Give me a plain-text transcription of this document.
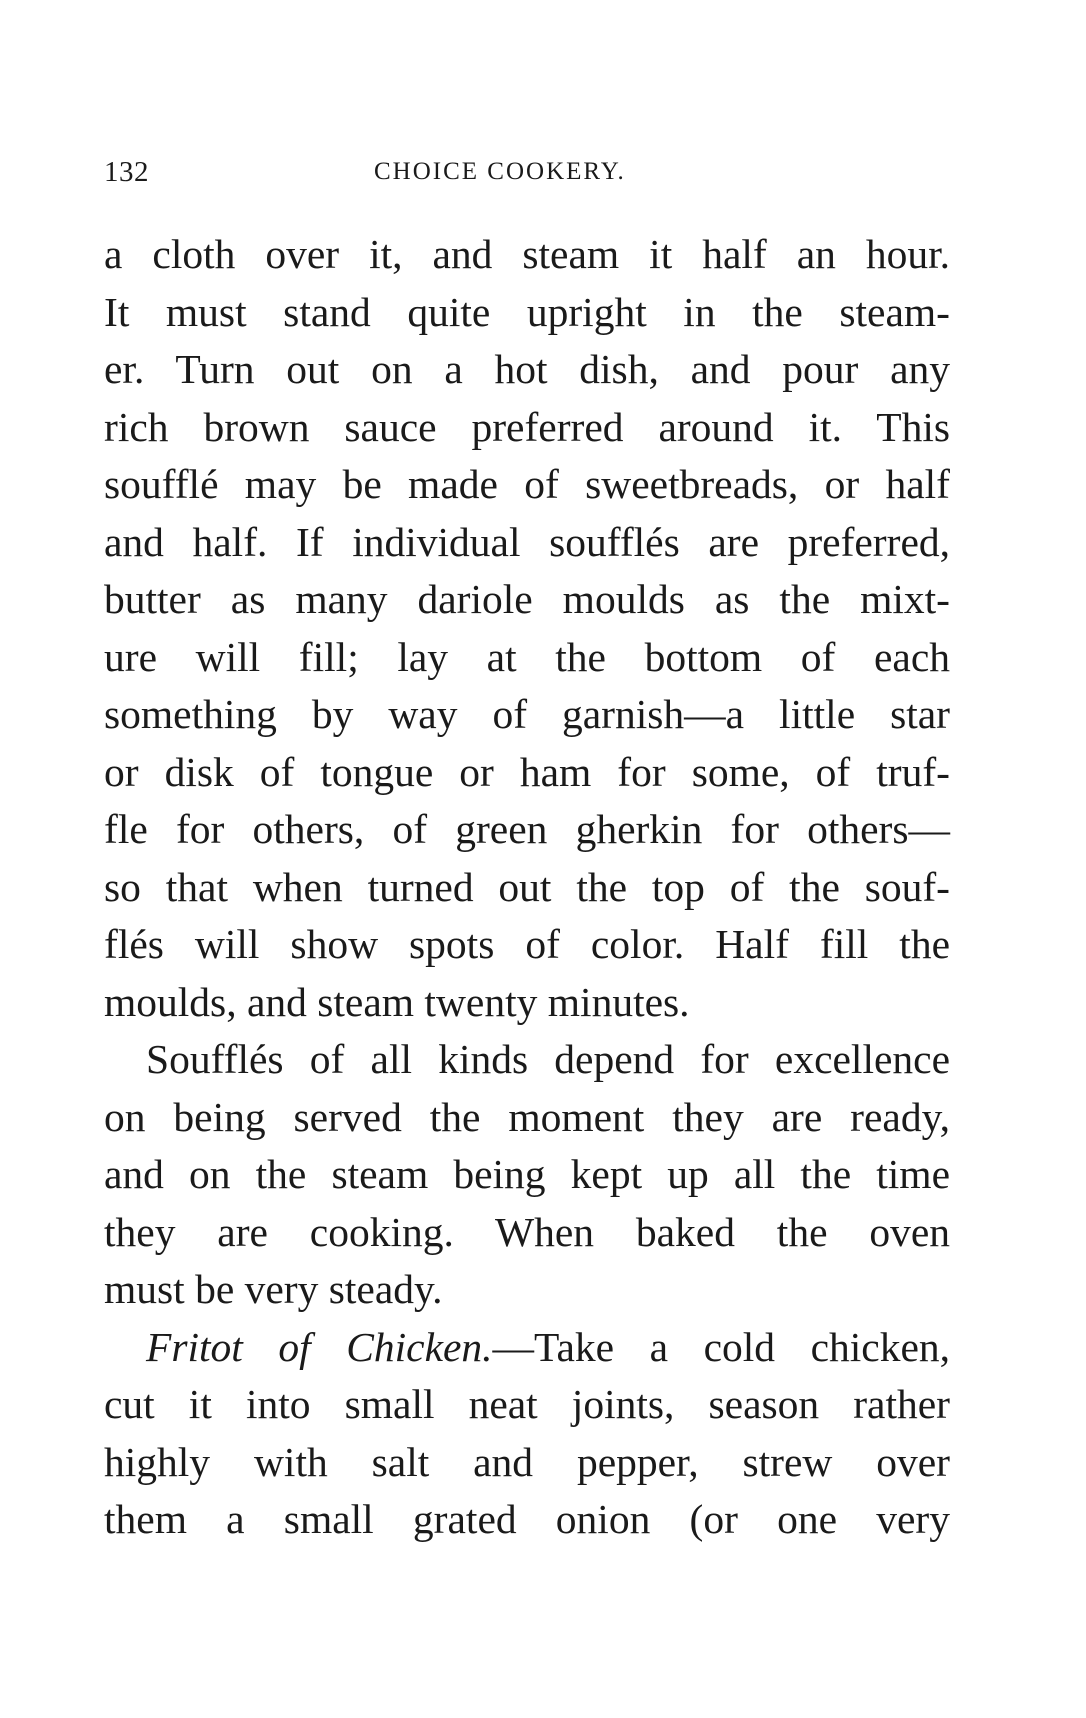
132	CHOICE COOKERY.
a cloth over it, and steam it half an hour.
It must stand quite upright in the steam-
er. Turn out on a hot dish, and pour any
rich brown sauce preferred around it. This
soufflé may be made of sweetbreads, or half
and half. If individual soufflés are preferred,
butter as many dariole moulds as the mixt-
ure will fill; lay at the bottom of each
something by way of garnish—a little star
or disk of tongue or ham for some, of truf-
fle for others, of green gherkin for others—
so that when turned out the top of the souf-
flés will show spots of color. Half fill the
moulds, and steam twenty minutes.
Soufflés of all kinds depend for excellence
on being served the moment they are ready,
and on the steam being kept up all the time
they are cooking. When baked the oven
must be very steady.
Fritot of Chicken.—Take a cold chicken,
cut it into small neat joints, season rather
highly with salt and pepper, strew over
them a small grated onion (or one very
